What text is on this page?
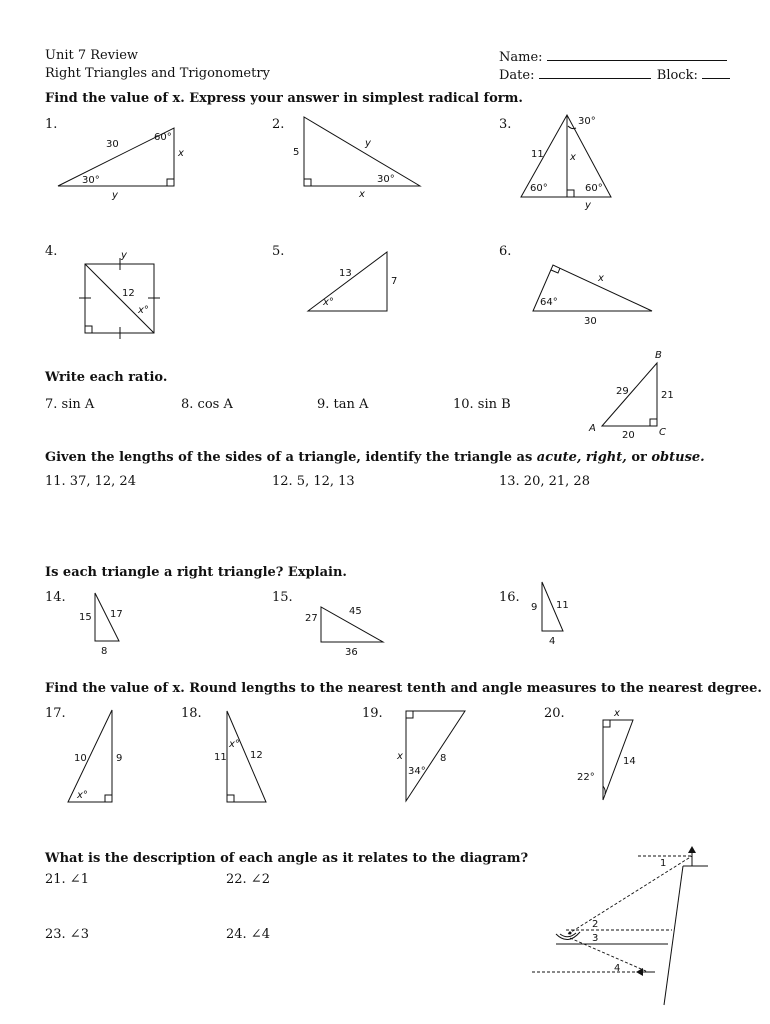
Unit 7 Review
Right Triangles and Trigonometry
Name:
Date:	Block:
Find the value of x. Express your answer in simplest radical form.
1.	2.	3.
30
60°
x
30°
y
5
y
30°
x
30°
11	x
60°	60°
y
4.	5.	6.
y
12
x°
13
7
x°
x
64°
30
Write each ratio.
7. sin A	8. cos A	9. tan A	10. sin B
B
29	21
A
20 C
Given the lengths of the sides of a triangle, identify the triangle as acute, right, or obtuse.
11. 37, 12, 24	12. 5, 12, 13	13. 20, 21, 28
Is each triangle a right triangle? Explain.
14.	15.	16.
15 17
8
27
45
36
9 11
4
Find the value of x. Round lengths to the nearest tenth and angle measures to the nearest degree.
17.	18.	19.	20.
10	9
x°
11 12
x°
x	8
34°
x
14
22°
What is the description of each angle as it relates to the diagram?
21. ∠1	22. ∠2
23. ∠3	24. ∠4
1
2
3
4
